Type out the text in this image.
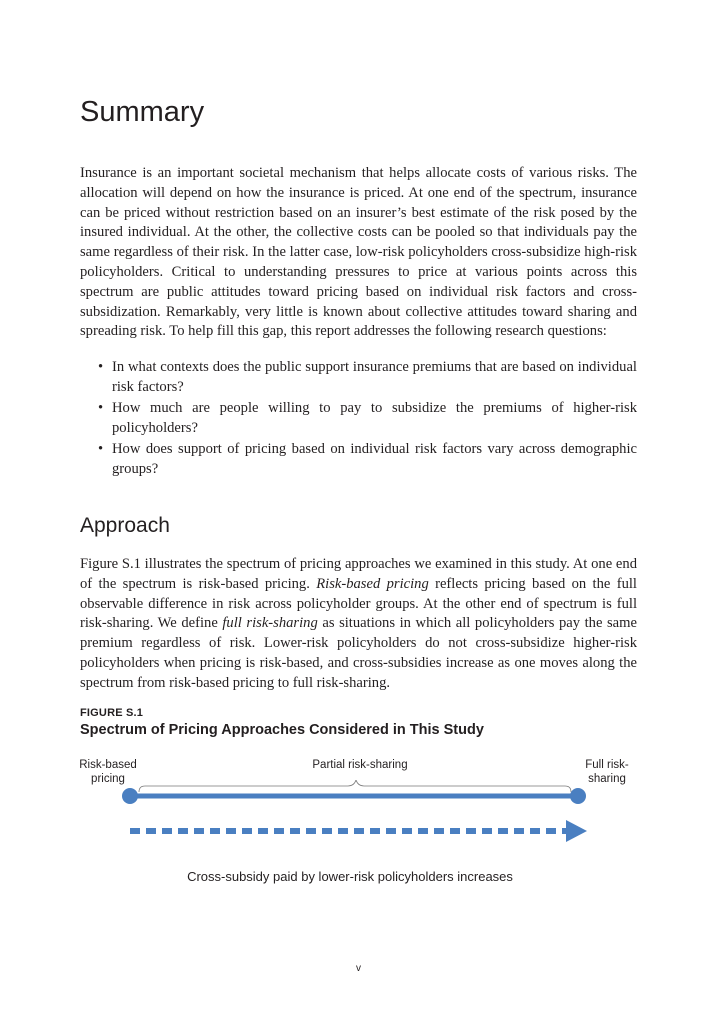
Summary

Insurance is an important societal mechanism that helps allocate costs of various risks. The allocation will depend on how the insurance is priced. At one end of the spectrum, insurance can be priced without restriction based on an insurer’s best estimate of the risk posed by the insured individual. At the other, the collective costs can be pooled so that individuals pay the same regardless of their risk. In the latter case, low-risk policyholders cross-subsidize high-risk policyholders. Critical to understanding pressures to price at various points across this spectrum are public attitudes toward pricing based on individual risk factors and cross-subsidization. Remarkably, very little is known about collective attitudes toward sharing and spreading risk. To help fill this gap, this report addresses the following research questions:

• In what contexts does the public support insurance premiums that are based on individual risk factors?
• How much are people willing to pay to subsidize the premiums of higher-risk policyholders?
• How does support of pricing based on individual risk factors vary across demographic groups?
Approach

Figure S.1 illustrates the spectrum of pricing approaches we examined in this study. At one end of the spectrum is risk-based pricing. Risk-based pricing reflects pricing based on the full observable difference in risk across policyholder groups. At the other end of spectrum is full risk-sharing. We define full risk-sharing as situations in which all policyholders pay the same premium regardless of risk. Lower-risk policyholders do not cross-subsidize higher-risk policyholders when pricing is risk-based, and cross-subsidies increase as one moves along the spectrum from risk-based pricing to full risk-sharing.

FIGURE S.1

Spectrum of Pricing Approaches Considered in This Study

Risk-based pricing

Partial risk-sharing	Full risk-sharing

Cross-subsidy paid by lower-risk policyholders increases

v
